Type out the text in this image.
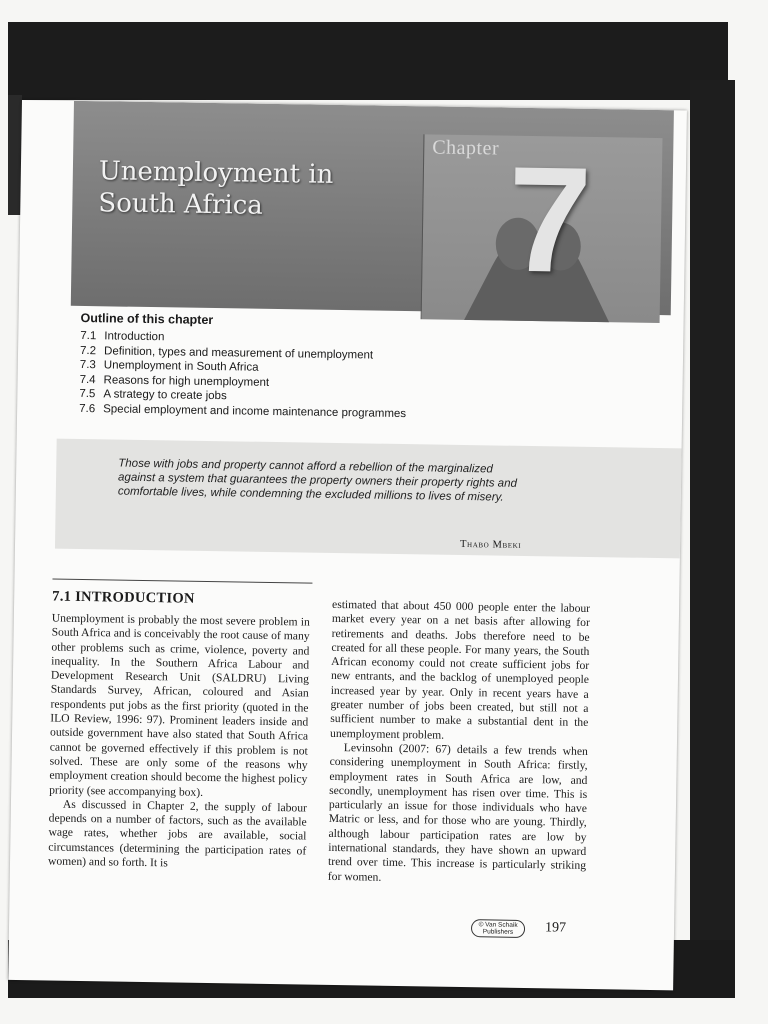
Unemployment in
South Africa
Chapter 7
Outline of this chapter
7.1 Introduction
7.2 Definition, types and measurement of unemployment
7.3 Unemployment in South Africa
7.4 Reasons for high unemployment
7.5 A strategy to create jobs
7.6 Special employment and income maintenance programmes
Those with jobs and property cannot afford a rebellion of the marginalized against a system that guarantees the property owners their property rights and comfortable lives, while condemning the excluded millions to lives of misery.
Thabo Mbeki
7.1 INTRODUCTION

Unemployment is probably the most severe problem in South Africa and is conceivably the root cause of many other problems such as crime, violence, poverty and inequality. In the Southern Africa Labour and Development Research Unit (SALDRU) Living Standards Survey, African, coloured and Asian respondents put jobs as the first priority (quoted in the ILO Review, 1996: 97). Prominent leaders inside and outside government have also stated that South Africa cannot be governed effectively if this problem is not solved. These are only some of the reasons why employment creation should become the highest policy priority (see accompanying box).

As discussed in Chapter 2, the supply of labour depends on a number of factors, such as the available wage rates, whether jobs are available, social circumstances (determining the participation rates of women) and so forth. It is

estimated that about 450 000 people enter the labour market every year on a net basis after allowing for retirements and deaths. Jobs therefore need to be created for all these people. For many years, the South African economy could not create sufficient jobs for new entrants, and the backlog of unemployed people increased year by year. Only in recent years have a greater number of jobs been created, but still not a sufficient number to make a substantial dent in the unemployment problem.

Levinsohn (2007: 67) details a few trends when considering unemployment in South Africa: firstly, employment rates in South Africa are low, and secondly, unemployment has risen over time. This is particularly an issue for those individuals who have Matric or less, and for those who are young. Thirdly, although labour participation rates are low by international standards, they have shown an upward trend over time. This increase is particularly striking for women.

© Van Schaik
Publishers	197
